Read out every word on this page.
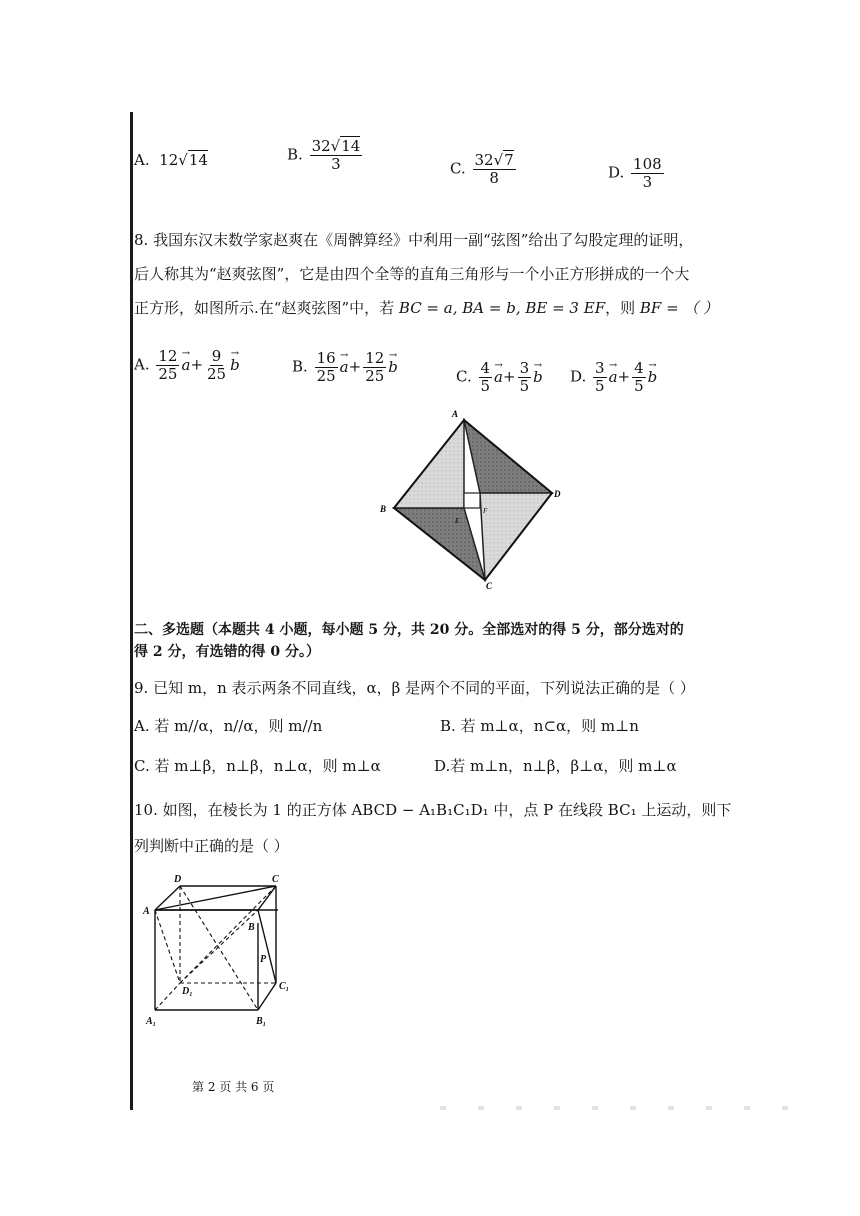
A. 12√14	B. $\frac{32√14}{3}$	C. $\frac{32√7}{8}$	D. $\frac{108}{3}$
8. 我国东汉末数学家赵爽在《周髀算经》中利用一副“弦图”给出了勾股定理的证明，
后人称其为“赵爽弦图”，它是由四个全等的直角三角形与一个小正方形拼成的一个大
正方形，如图所示.在“赵爽弦图”中，若 BC = a, BA = b, BE = 3 EF，则 BF = （ ）
A. $\frac{12}{25}$
→ $a+ \frac{9}{25}$
→ b	B. $\frac{16}{25}$
→ $a+ \frac{12}{25}$
→ b
C. $\frac{4}{5}$
→ $a+ \frac{3}{5}$
→ b D. $\frac{3}{5}$
→ $a+ \frac{4}{5}$
→ b
A
D
C
B
E
F
二、多选题（本题共 4 小题，每小题 5 分，共 20 分。全部选对的得 5 分，部分选对的
得 2 分，有选错的得 0 分。）
9. 已知 m，n 表示两条不同直线，α，β 是两个不同的平面，下列说法正确的是（ ）
A. 若 m//α，n//α，则 m//n	B. 若 m⊥α，n⊂α，则 m⊥n
C. 若 m⊥β，n⊥β，n⊥α，则 m⊥α	D.若 m⊥n，n⊥β，β⊥α，则 m⊥α
10. 如图，在棱长为 1 的正方体 ABCD − A₁B₁C₁D₁ 中，点 P 在线段 BC₁ 上运动，则下
列判断中正确的是（ ）
D	C
A
B
P
D₁	C₁
A₁	B₁
第 2 页 共 6 页
